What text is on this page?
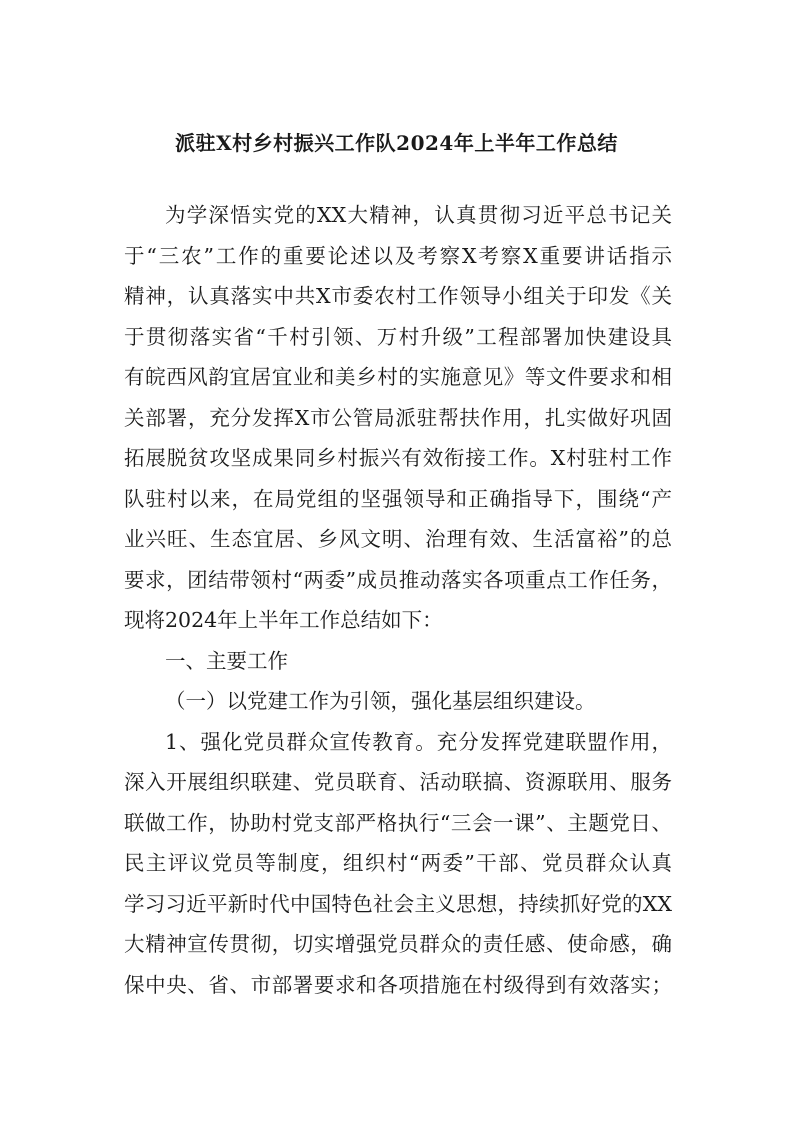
派驻X村乡村振兴工作队2024年上半年工作总结
为学深悟实党的XX大精神，认真贯彻习近平总书记关
于“三农”工作的重要论述以及考察X考察X重要讲话指示
精神，认真落实中共X市委农村工作领导小组关于印发《关
于贯彻落实省“千村引领、万村升级”工程部署加快建设具
有皖西风韵宜居宜业和美乡村的实施意见》等文件要求和相
关部署，充分发挥X市公管局派驻帮扶作用，扎实做好巩固
拓展脱贫攻坚成果同乡村振兴有效衔接工作。X村驻村工作
队驻村以来，在局党组的坚强领导和正确指导下，围绕“产
业兴旺、生态宜居、乡风文明、治理有效、生活富裕”的总
要求，团结带领村“两委”成员推动落实各项重点工作任务，
现将2024年上半年工作总结如下：
一、主要工作
（一）以党建工作为引领，强化基层组织建设。
1、强化党员群众宣传教育。充分发挥党建联盟作用，
深入开展组织联建、党员联育、活动联搞、资源联用、服务
联做工作，协助村党支部严格执行“三会一课”、主题党日、
民主评议党员等制度，组织村“两委”干部、党员群众认真
学习习近平新时代中国特色社会主义思想，持续抓好党的XX
大精神宣传贯彻，切实增强党员群众的责任感、使命感，确
保中央、省、市部署要求和各项措施在村级得到有效落实；
